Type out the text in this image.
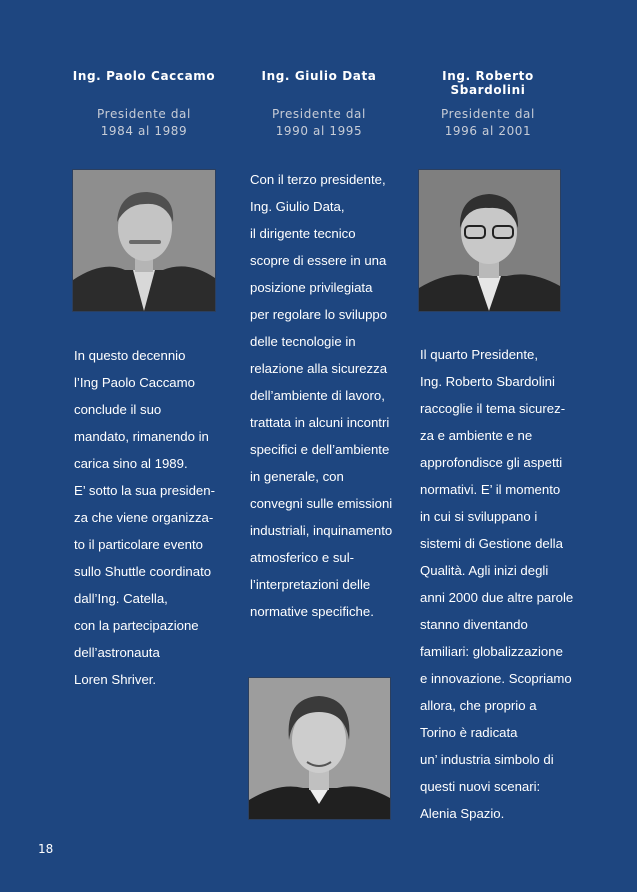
Ing. Paolo Caccamo	Ing. Giulio Data	Ing. Roberto Sbardolini
Presidente dal
1984 al 1989
Presidente dal
1990 al 1995
Presidente dal
1996 al 2001
In questo decennio
l’Ing Paolo Caccamo
conclude il suo
mandato, rimanendo in
carica sino al 1989.
E’ sotto la sua presiden-
za che viene organizza-
to il particolare evento
sullo Shuttle coordinato
dall’Ing. Catella,
con la partecipazione
dell’astronauta
Loren Shriver.
Con il terzo presidente,
Ing. Giulio Data,
il dirigente tecnico
scopre di essere in una
posizione privilegiata
per regolare lo sviluppo
delle tecnologie in
relazione alla sicurezza
dell’ambiente di lavoro,
trattata in alcuni incontri
specifici e dell’ambiente
in generale, con
convegni sulle emissioni
industriali, inquinamento
atmosferico e sul-
l’interpretazioni delle
normative specifiche.
Il quarto Presidente,
Ing. Roberto Sbardolini
raccoglie il tema sicurez-
za e ambiente e ne
approfondisce gli aspetti
normativi. E’ il momento
in cui si sviluppano i
sistemi di Gestione della
Qualità. Agli inizi degli
anni 2000 due altre parole
stanno diventando
familiari: globalizzazione
e innovazione. Scopriamo
allora, che proprio a
Torino è radicata
un’ industria simbolo di
questi nuovi scenari:
Alenia Spazio.
18
